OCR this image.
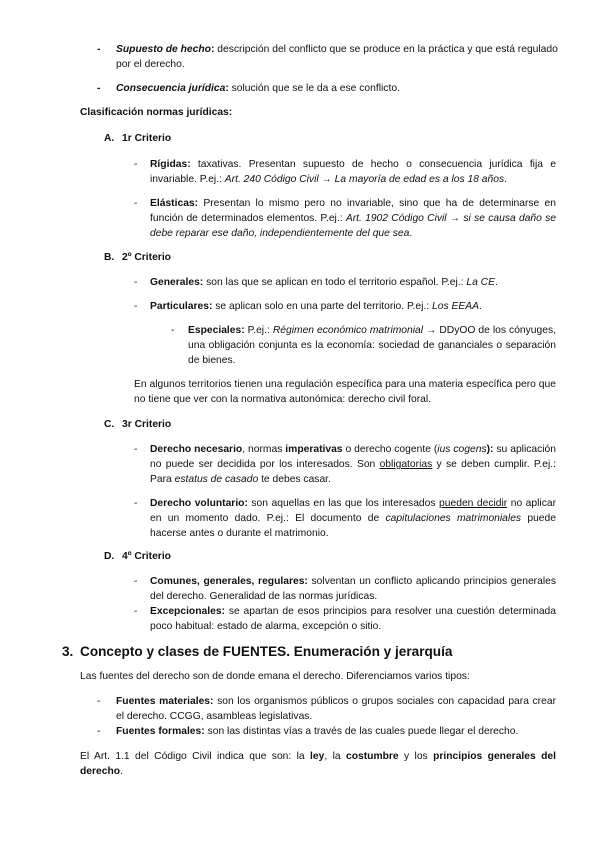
- Supuesto de hecho: descripción del conflicto que se produce en la práctica y que está regulado por el derecho.
- Consecuencia jurídica: solución que se le da a ese conflicto.
Clasificación normas jurídicas:
A. 1r Criterio
- Rígidas: taxativas. Presentan supuesto de hecho o consecuencia jurídica fija e invariable. P.ej.: Art. 240 Código Civil → La mayoría de edad es a los 18 años.
- Elásticas: Presentan lo mismo pero no invariable, sino que ha de determinarse en función de determinados elementos. P.ej.: Art. 1902 Código Civil → si se causa daño se debe reparar ese daño, independientemente del que sea.
B. 2º Criterio
- Generales: son las que se aplican en todo el territorio español. P.ej.: La CE.
- Particulares: se aplican solo en una parte del territorio. P.ej.: Los EEAA.
- Especiales: P.ej.: Régimen económico matrimonial → DDyOO de los cónyuges, una obligación conjunta es la economía: sociedad de gananciales o separación de bienes.
En algunos territorios tienen una regulación específica para una materia específica pero que no tiene que ver con la normativa autonómica: derecho civil foral.
C. 3r Criterio
- Derecho necesario, normas imperativas o derecho cogente (ius cogens): su aplicación no puede ser decidida por los interesados. Son obligatorias y se deben cumplir. P.ej.: Para estatus de casado te debes casar.
- Derecho voluntario: son aquellas en las que los interesados pueden decidir no aplicar en un momento dado. P.ej.: El documento de capitulaciones matrimoniales puede hacerse antes o durante el matrimonio.
D. 4º Criterio
- Comunes, generales, regulares: solventan un conflicto aplicando principios generales del derecho. Generalidad de las normas jurídicas.
- Excepcionales: se apartan de esos principios para resolver una cuestión determinada poco habitual: estado de alarma, excepción o sitio.
3. Concepto y clases de FUENTES. Enumeración y jerarquía
Las fuentes del derecho son de donde emana el derecho. Diferenciamos varios tipos:
- Fuentes materiales: son los organismos públicos o grupos sociales con capacidad para crear el derecho. CCGG, asambleas legislativas.
- Fuentes formales: son las distintas vías a través de las cuales puede llegar el derecho.
El Art. 1.1 del Código Civil indica que son: la ley, la costumbre y los principios generales del derecho.
